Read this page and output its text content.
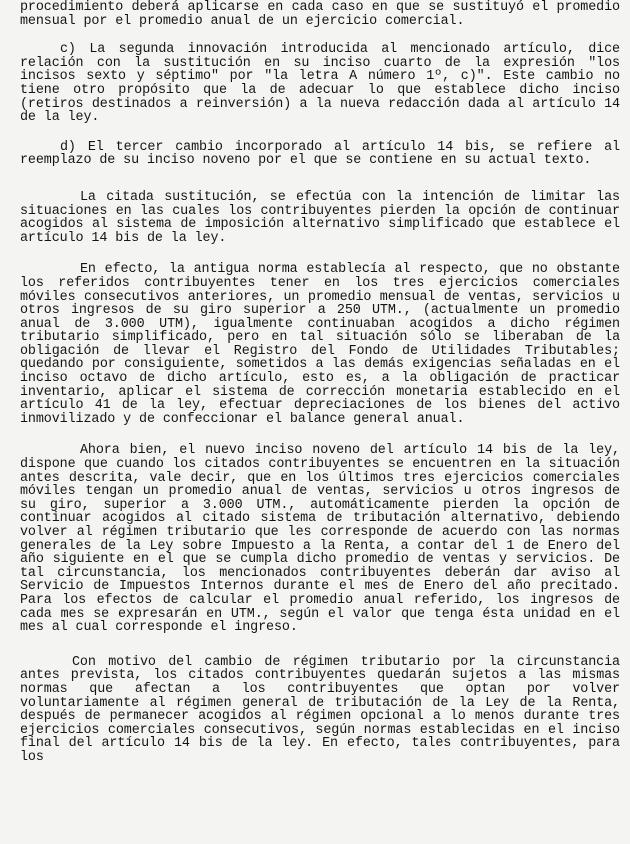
procedimiento deberá aplicarse en cada caso en que se sustituyó el promedio mensual por el promedio anual de un ejercicio comercial.

c) La segunda innovación introducida al mencionado artículo, dice relación con la sustitución en su inciso cuarto de la expresión "los incisos sexto y séptimo" por "la letra A número 1º, c)". Este cambio no tiene otro propósito que la de adecuar lo que establece dicho inciso (retiros destinados a reinversión) a la nueva redacción dada al artículo 14 de la ley.

d) El tercer cambio incorporado al artículo 14 bis, se refiere al reemplazo de su inciso noveno por el que se contiene en su actual texto.

La citada sustitución, se efectúa con la intención de limitar las situaciones en las cuales los contribuyentes pierden la opción de continuar acogidos al sistema de imposición alternativo simplificado que establece el artículo 14 bis de la ley.

En efecto, la antigua norma establecía al respecto, que no obstante los referidos contribuyentes tener en los tres ejercicios comerciales móviles consecutivos anteriores, un promedio mensual de ventas, servicios u otros ingresos de su giro superior a 250 UTM., (actualmente un promedio anual de 3.000 UTM), igualmente continuaban acogidos a dicho régimen tributario simplificado, pero en tal situación sólo se liberaban de la obligación de llevar el Registro del Fondo de Utilidades Tributables; quedando por consiguiente, sometidos a las demás exigencias señaladas en el inciso octavo de dicho artículo, esto es, a la obligación de practicar inventario, aplicar el sistema de corrección monetaria establecido en el artículo 41 de la ley, efectuar depreciaciones de los bienes del activo inmovilizado y de confeccionar el balance general anual.

Ahora bien, el nuevo inciso noveno del artículo 14 bis de la ley, dispone que cuando los citados contribuyentes se encuentren en la situación antes descrita, vale decir, que en los últimos tres ejercicios comerciales móviles tengan un promedio anual de ventas, servicios u otros ingresos de su giro, superior a 3.000 UTM., automáticamente pierden la opción de continuar acogidos al citado sistema de tributación alternativo, debiendo volver al régimen tributario que les corresponde de acuerdo con las normas generales de la Ley sobre Impuesto a la Renta, a contar del 1 de Enero del año siguiente en el que se cumpla dicho promedio de ventas y servicios. De tal circunstancia, los mencionados contribuyentes deberán dar aviso al Servicio de Impuestos Internos durante el mes de Enero del año precitado. Para los efectos de calcular el promedio anual referido, los ingresos de cada mes se expresarán en UTM., según el valor que tenga ésta unidad en el mes al cual corresponde el ingreso.

Con motivo del cambio de régimen tributario por la circunstancia antes prevista, los citados contribuyentes quedarán sujetos a las mismas normas que afectan a los contribuyentes que optan por volver voluntariamente al régimen general de tributación de la Ley de la Renta, después de permanecer acogidos al régimen opcional a lo menos durante tres ejercicios comerciales consecutivos, según normas establecidas en el inciso final del artículo 14 bis de la ley. En efecto, tales contribuyentes, para los
